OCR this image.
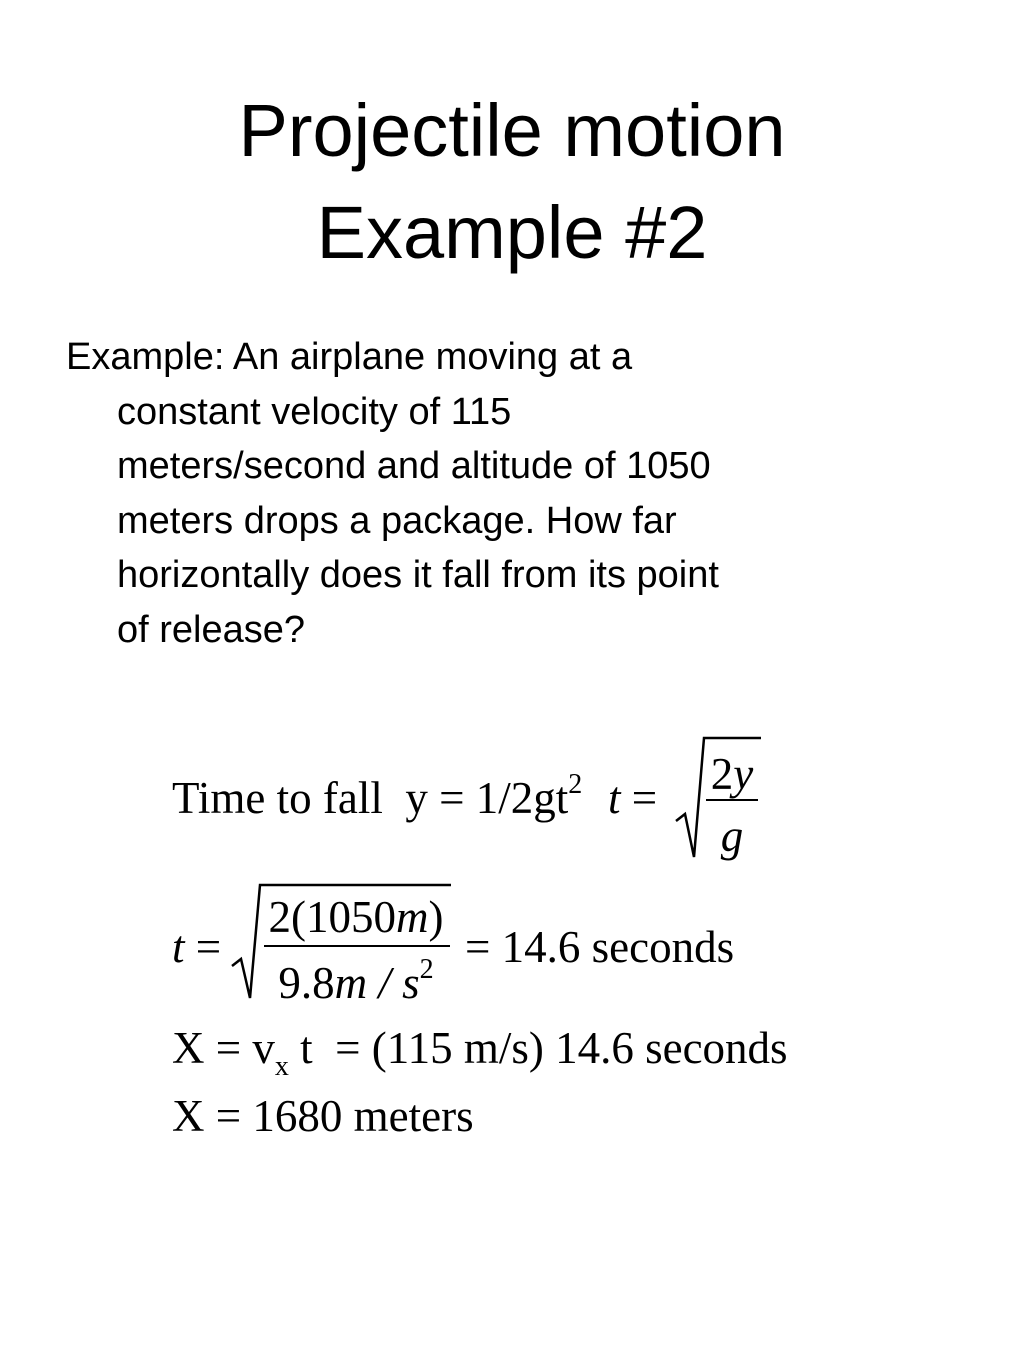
Projectile motion
Example #2
Example: An airplane moving at a
constant velocity of 115
meters/second and altitude of 1050
meters drops a package. How far
horizontally does it fall from its point
of release?
Time to fall $y = 1/2gt^2$ t = 2y
g
t =
2(1050m)
$9.8m / s^2 = 14.6$ seconds
$X = v_x$ t = (115 m/s) 14.6 seconds
X = 1680 meters
